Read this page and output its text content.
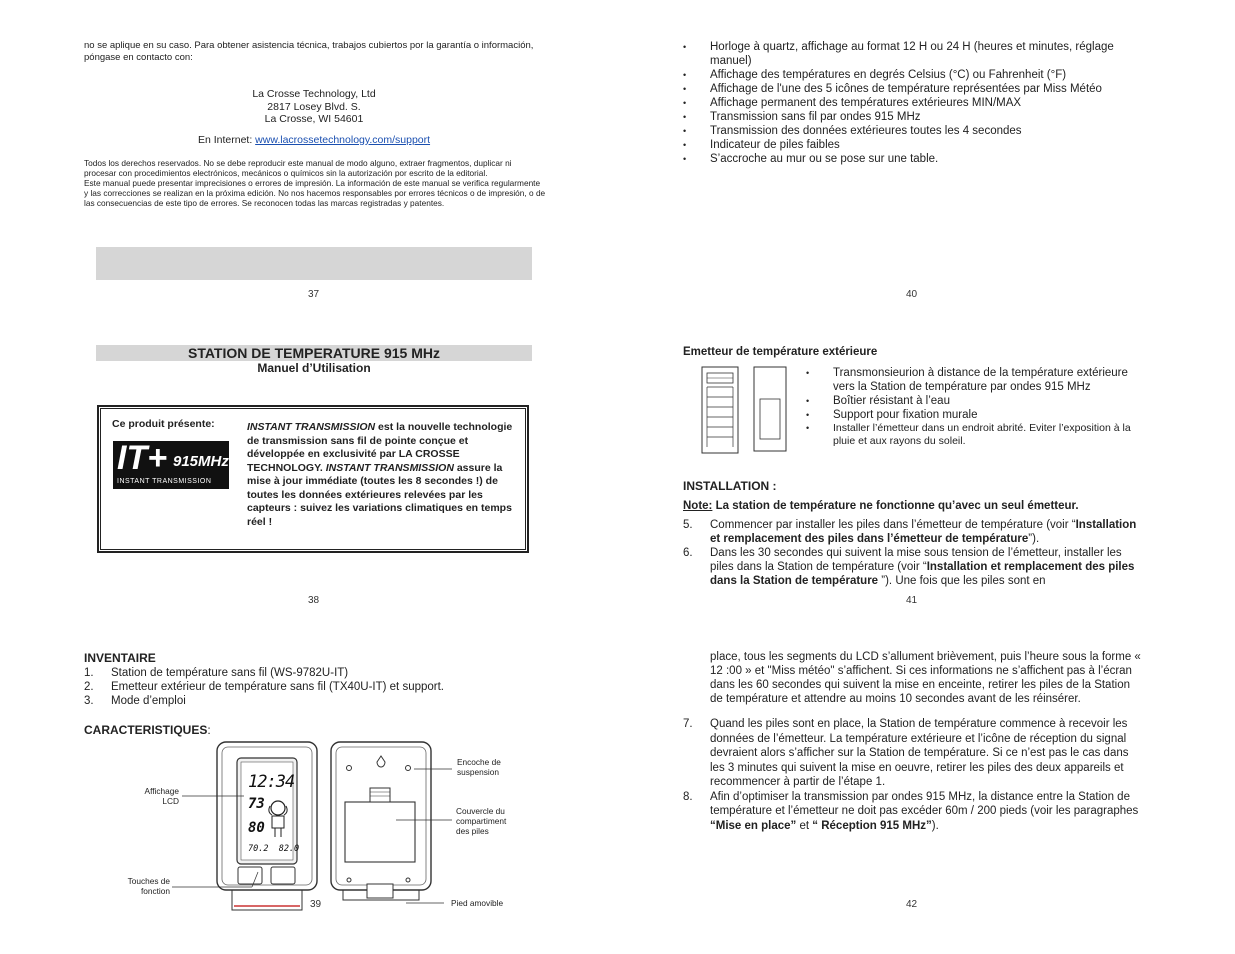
no se aplique en su caso. Para obtener asistencia técnica, trabajos cubiertos por la garantía o información, póngase en contacto con:
La Crosse Technology, Ltd
2817 Losey Blvd. S.
La Crosse, WI 54601
En Internet: www.lacrossetechnology.com/support
Todos los derechos reservados. No se debe reproducir este manual de modo alguno, extraer fragmentos, duplicar ni procesar con procedimientos electrónicos, mecánicos o químicos sin la autorización por escrito de la editorial.
Este manual puede presentar imprecisiones o errores de impresión. La información de este manual se verifica regularmente y las correcciones se realizan en la próxima edición. No nos hacemos responsables por errores técnicos o de impresión, o de las consecuencias de este tipo de errores. Se reconocen todas las marcas registradas y patentes.
37
STATION DE TEMPERATURE 915 MHz
Manuel d’Utilisation
Ce produit présente:
IT+ 915MHz
INSTANT TRANSMISSION
INSTANT TRANSMISSION est la nouvelle technologie de transmission sans fil de pointe conçue et développée en exclusivité par LA CROSSE TECHNOLOGY. INSTANT TRANSMISSION assure la mise à jour immédiate (toutes les 8 secondes !) de toutes les données extérieures relevées par les capteurs : suivez les variations climatiques en temps réel !
38
INVENTAIRE
1. Station de température sans fil (WS-9782U-IT)
2. Emetteur extérieur de température sans fil (TX40U-IT) et support.
3. Mode d’emploi
CARACTERISTIQUES:
12:34
73
80
70.2  82.0
Affichage LCD
Touches de fonction
Encoche de suspension
Couvercle du compartiment des piles
Pied amovible
39
• Horloge à quartz, affichage au format 12 H ou 24 H (heures et minutes, réglage manuel)
• Affichage des températures en degrés Celsius (°C) ou Fahrenheit (°F)
• Affichage de l'une des 5 icônes de température représentées par Miss Météo
• Affichage permanent des températures extérieures MIN/MAX
• Transmission sans fil par ondes 915 MHz
• Transmission des données extérieures toutes les 4 secondes
• Indicateur de piles faibles
• S’accroche au mur ou se pose sur une table.
40
Emetteur de température extérieure
• Transmonsieurion à distance de la température extérieure vers la Station de température par ondes 915 MHz
• Boîtier résistant à l’eau
• Support pour fixation murale
• Installer l’émetteur dans un endroit abrité. Eviter l’exposition à la pluie et aux rayons du soleil.
INSTALLATION :
Note: La station de température ne fonctionne qu’avec un seul émetteur.
5. Commencer par installer les piles dans l’émetteur de température (voir “Installation et remplacement des piles dans l’émetteur de température”).
6. Dans les 30 secondes qui suivent la mise sous tension de l’émetteur, installer les piles dans la Station de température (voir “Installation et remplacement des piles dans la Station de température ”). Une fois que les piles sont en
41
place, tous les segments du LCD s’allument brièvement, puis l’heure sous la forme « 12 :00 » et "Miss météo" s’affichent. Si ces informations ne s’affichent pas à l’écran dans les 60 secondes qui suivent la mise en enceinte, retirer les piles de la Station de température et attendre au moins 10 secondes avant de les réinsérer.
7. Quand les piles sont en place, la Station de température commence à recevoir les données de l’émetteur. La température extérieure et l’icône de réception du signal devraient alors s’afficher sur la Station de température. Si ce n’est pas le cas dans les 3 minutes qui suivent la mise en oeuvre, retirer les piles des deux appareils et recommencer à partir de l’étape 1.
8. Afin d’optimiser la transmission par ondes 915 MHz, la distance entre la Station de température et l’émetteur ne doit pas excéder 60m / 200 pieds (voir les paragraphes “Mise en place” et “ Réception 915 MHz”).
42
